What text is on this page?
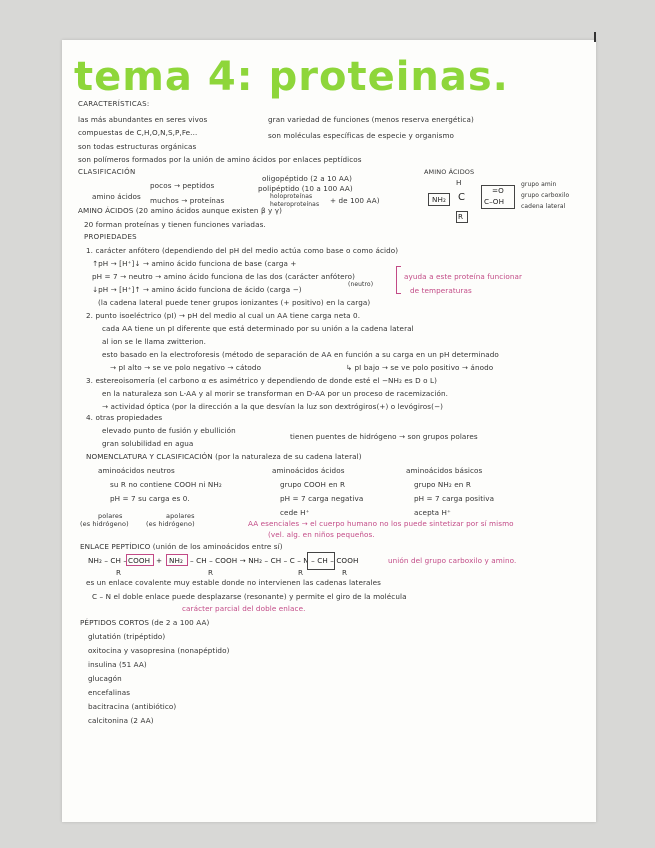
tema 4: proteinas.
CARACTERÍSTICAS:
las más abundantes en seres vivos	gran variedad de funciones (menos reserva energética)
compuestas de C,H,O,N,S,P,Fe...	son moléculas específicas de especie y organismo
son todas estructuras orgánicas
son polímeros formados por la unión de amino ácidos por enlaces peptídicos
CLASIFICACIÓN
amino ácidos
pocos → peptidos
oligopéptido (2 a 10 AA)
polipéptido (10 a 100 AA)
muchos → proteínas	holoproteínas
heteroproteínas + de 100 AA)
AMINO ÁCIDOS
H
NH₂ C
=O
C–OH
R
grupo amin
grupo carboxilo
cadena lateral
AMINO ÁCIDOS (20 amino ácidos aunque existen β y γ)
20 forman proteínas y tienen funciones variadas.
PROPIEDADES
1. carácter anfótero (dependiendo del pH del medio actúa como base o como ácido)
↑pH → [H⁺]↓ → amino ácido funciona de base (carga +
pH = 7 → neutro → amino ácido funciona de las dos (carácter anfótero)
↓pH → [H⁺]↑ → amino ácido funciona de ácido (carga −)
(neutro)
ayuda a este proteína funcionar
de temperaturas
(la cadena lateral puede tener grupos ionizantes (+ positivo) en la carga)
2. punto isoeléctrico (pI) → pH del medio al cual un AA tiene carga neta 0.
cada AA tiene un pI diferente que está determinado por su unión a la cadena lateral
al ion se le llama zwitterion.
esto basado en la electroforesis (método de separación de AA en función a su carga en un pH determinado
→ pI alto → se ve polo negativo → cátodo	↳ pI bajo → se ve polo positivo → ánodo
3. estereoisomería (el carbono α es asimétrico y dependiendo de donde esté el −NH₂ es D o L)
en la naturaleza son L-AA y al morir se transforman en D-AA por un proceso de racemización.
→ actividad óptica (por la dirección a la que desvían la luz son dextrógiros(+) o levógiros(−)
4. otras propiedades
elevado punto de fusión y ebullición
gran solubilidad en agua
tienen puentes de hidrógeno → son grupos polares
NOMENCLATURA Y CLASIFICACIÓN (por la naturaleza de su cadena lateral)
aminoácidos neutros
su R no contiene COOH ni NH₂
pH = 7 su carga es 0.
polares
(es hidrógeno)
apolares
(es hidrógeno)
aminoácidos ácidos
grupo COOH en R
pH = 7 carga negativa
cede H⁺
aminoácidos básicos
grupo NH₂ en R
pH = 7 carga positiva
acepta H⁺
AA esenciales → el cuerpo humano no los puede sintetizar por sí mismo
(vel. alg. en niños pequeños.
ENLACE PEPTÍDICO (unión de los aminoácidos entre sí)
NH₂ – CH – COOH + NH₂ – CH – COOH → NH₂ – CH – C – N – CH – COOH
R	R	R	R
unión del grupo carboxilo y amino.
es un enlace covalente muy estable donde no intervienen las cadenas laterales
C – N el doble enlace puede desplazarse (resonante) y permite el giro de la molécula
carácter parcial del doble enlace.
PÉPTIDOS CORTOS (de 2 a 100 AA)
glutatión (tripéptido)
oxitocina y vasopresina (nonapéptido)
insulina (51 AA)
glucagón
encefalinas
bacitracina (antibiótico)
calcitonina (2 AA)
